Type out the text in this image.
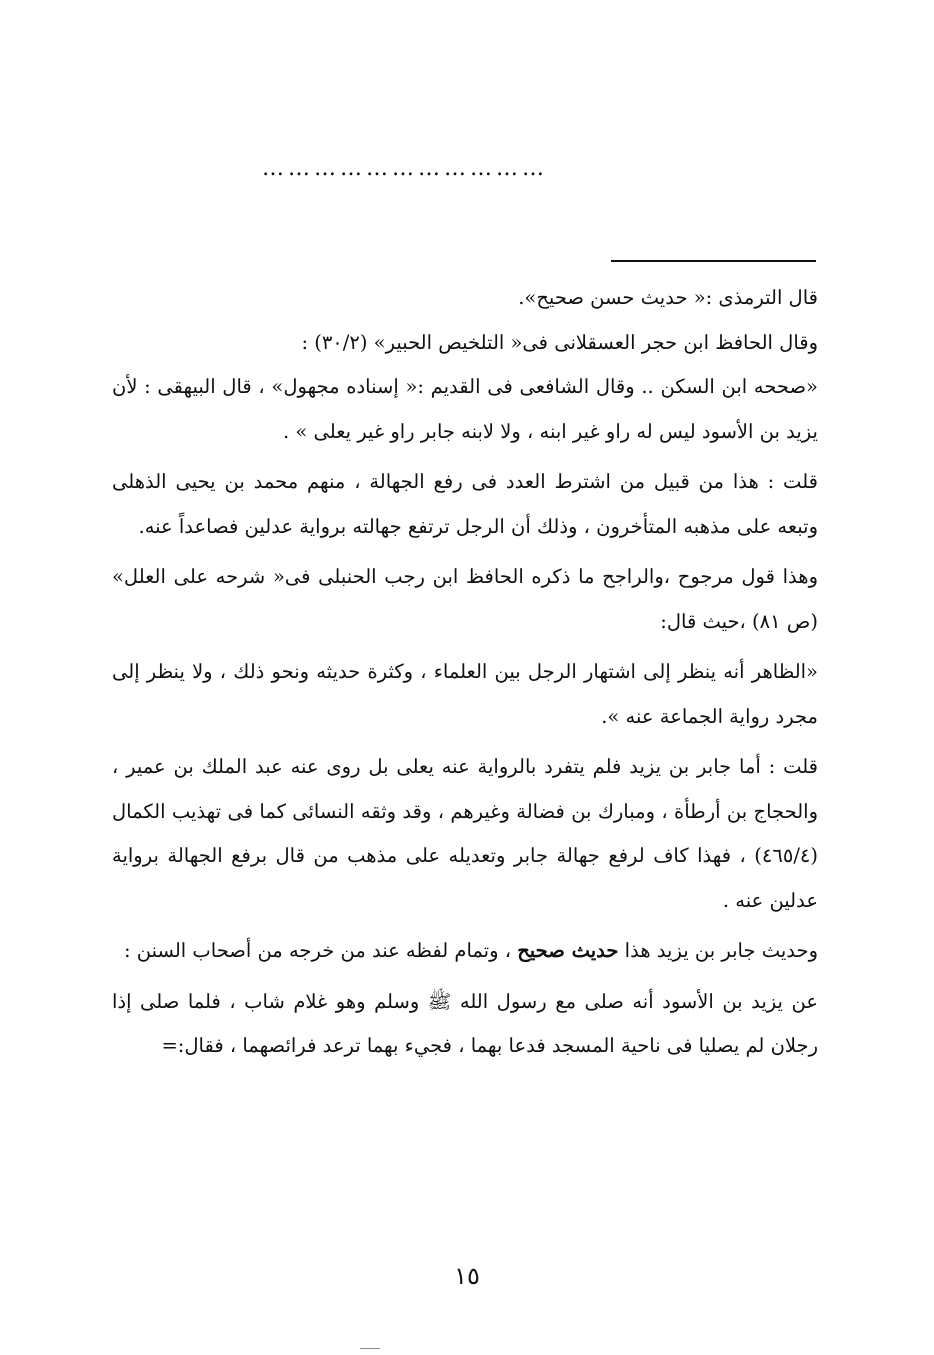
……………………………

قال الترمذى :« حديث حسن صحيح».

وقال الحافظ ابن حجر العسقلانى فى« التلخيص الحبير» (٣٠/٢) :

«صححه ابن السكن .. وقال الشافعى فى القديم :« إسناده مجهول» ، قال البيهقى : لأن يزيد بن الأسود ليس له راو غير ابنه ، ولا لابنه جابر راو غير يعلى » .

قلت : هذا من قبيل من اشترط العدد فى رفع الجهالة ، منهم محمد بن يحيى الذهلى وتبعه على مذهبه المتأخرون ، وذلك أن الرجل ترتفع جهالته برواية عدلين فصاعداً عنه.

وهذا قول مرجوح ،والراجح ما ذكره الحافظ ابن رجب الحنبلى فى« شرحه على العلل» (ص ٨١) ،حيث قال:

«الظاهر أنه ينظر إلى اشتهار الرجل بين العلماء ، وكثرة حديثه ونحو ذلك ، ولا ينظر إلى مجرد رواية الجماعة عنه ».

قلت : أما جابر بن يزيد فلم يتفرد بالرواية عنه يعلى بل روى عنه عبد الملك بن عمير ، والحجاج بن أرطأة ، ومبارك بن فضالة وغيرهم ، وقد وثقه النسائى كما فى تهذيب الكمال (٤٦٥/٤) ، فهذا كاف لرفع جهالة جابر وتعديله على مذهب من قال برفع الجهالة برواية عدلين عنه .

وحديث جابر بن يزيد هذا حديث صحيح ، وتمام لفظه عند من خرجه من أصحاب السنن :

عن يزيد بن الأسود أنه صلى مع رسول الله ﷺ وسلم وهو غلام شاب ، فلما صلى إذا رجلان لم يصليا فى ناحية المسجد فدعا بهما ، فجيء بهما ترعد فرائصهما ، فقال:=

١٥
